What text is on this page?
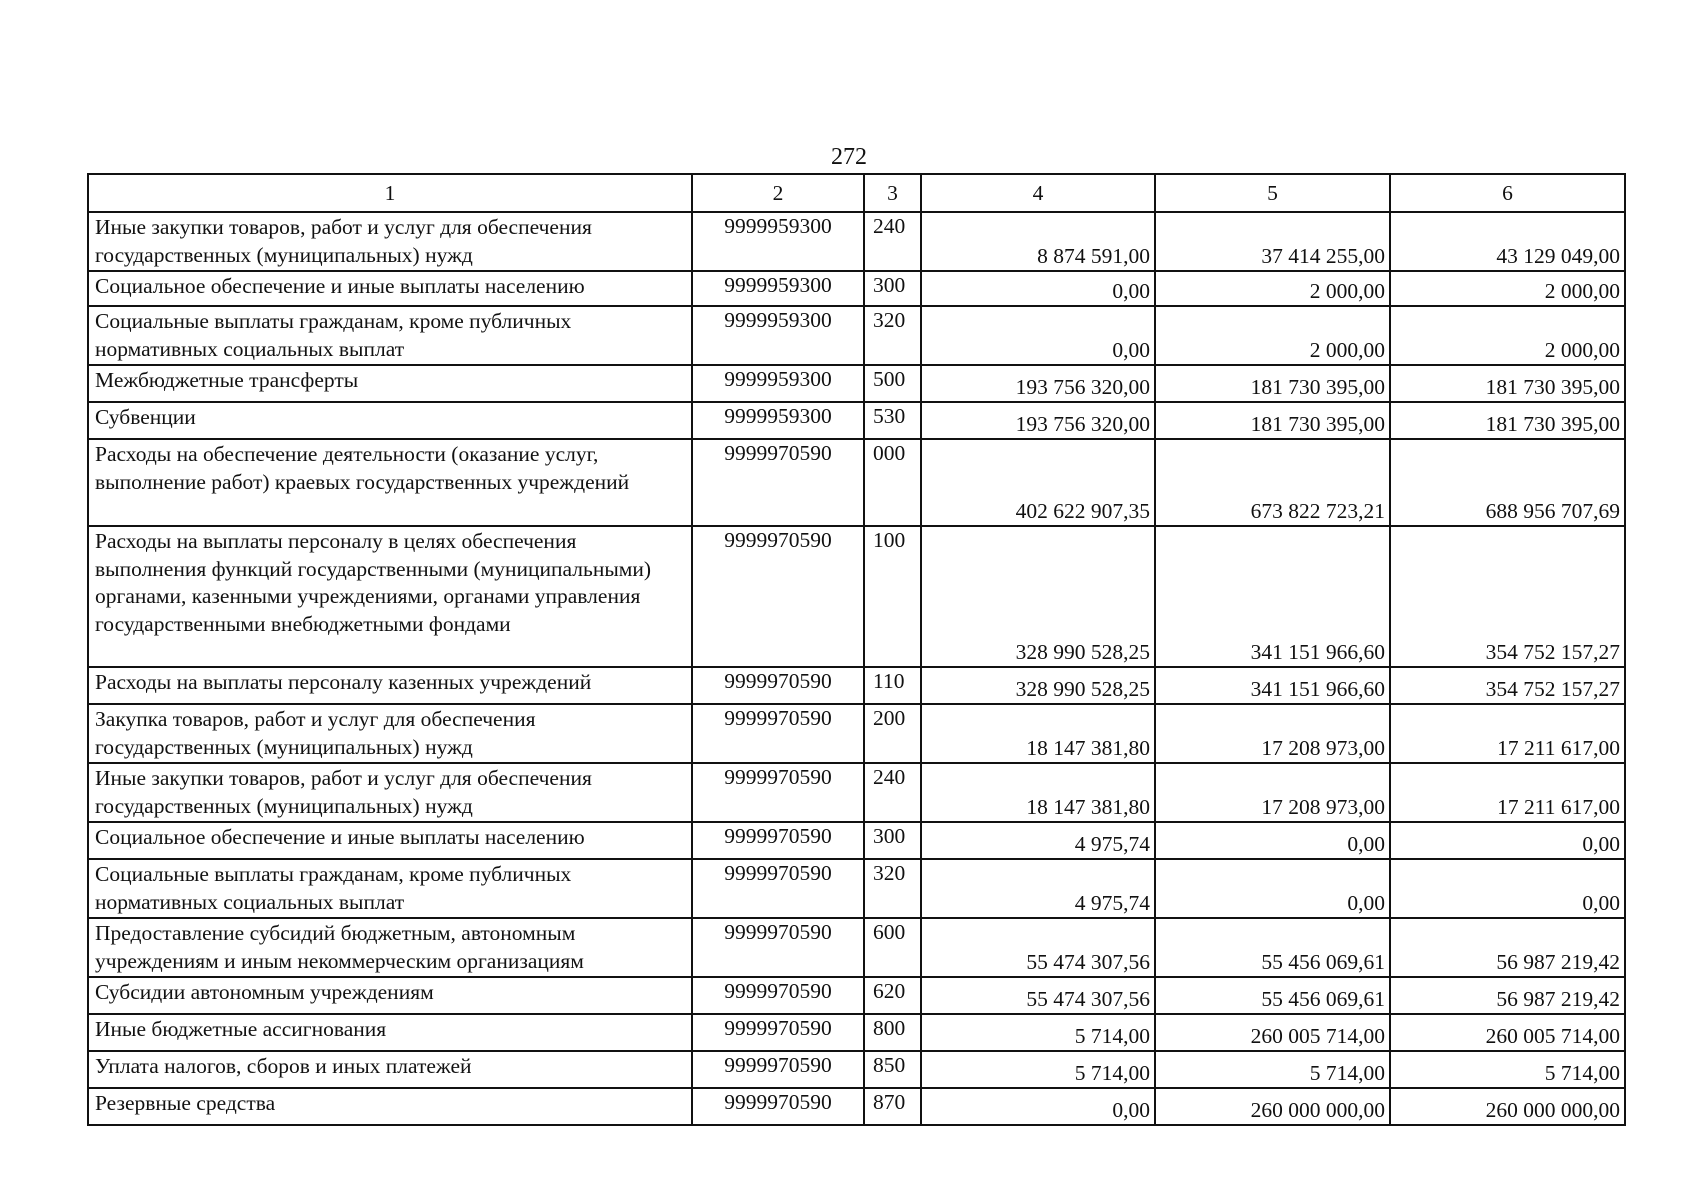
272
1	2	3	4	5	6
Иные закупки товаров, работ и услуг для обеспечения государственных (муниципальных) нужд	9999959300	240	8 874 591,00	37 414 255,00	43 129 049,00
Социальное обеспечение и иные выплаты населению	9999959300	300	0,00	2 000,00	2 000,00
Социальные выплаты гражданам, кроме публичных нормативных социальных выплат	9999959300	320	0,00	2 000,00	2 000,00
Межбюджетные трансферты	9999959300	500	193 756 320,00	181 730 395,00	181 730 395,00
Субвенции	9999959300	530	193 756 320,00	181 730 395,00	181 730 395,00
Расходы на обеспечение деятельности (оказание услуг, выполнение работ) краевых государственных учреждений	9999970590	000	402 622 907,35	673 822 723,21	688 956 707,69
Расходы на выплаты персоналу в целях обеспечения выполнения функций государственными (муниципальными) органами, казенными учреждениями, органами управления государственными внебюджетными фондами	9999970590	100	328 990 528,25	341 151 966,60	354 752 157,27
Расходы на выплаты персоналу казенных учреждений	9999970590	110	328 990 528,25	341 151 966,60	354 752 157,27
Закупка товаров, работ и услуг для обеспечения государственных (муниципальных) нужд	9999970590	200	18 147 381,80	17 208 973,00	17 211 617,00
Иные закупки товаров, работ и услуг для обеспечения государственных (муниципальных) нужд	9999970590	240	18 147 381,80	17 208 973,00	17 211 617,00
Социальное обеспечение и иные выплаты населению	9999970590	300	4 975,74	0,00	0,00
Социальные выплаты гражданам, кроме публичных нормативных социальных выплат	9999970590	320	4 975,74	0,00	0,00
Предоставление субсидий бюджетным, автономным учреждениям и иным некоммерческим организациям	9999970590	600	55 474 307,56	55 456 069,61	56 987 219,42
Субсидии автономным учреждениям	9999970590	620	55 474 307,56	55 456 069,61	56 987 219,42
Иные бюджетные ассигнования	9999970590	800	5 714,00	260 005 714,00	260 005 714,00
Уплата налогов, сборов и иных платежей	9999970590	850	5 714,00	5 714,00	5 714,00
Резервные средства	9999970590	870	0,00	260 000 000,00	260 000 000,00
